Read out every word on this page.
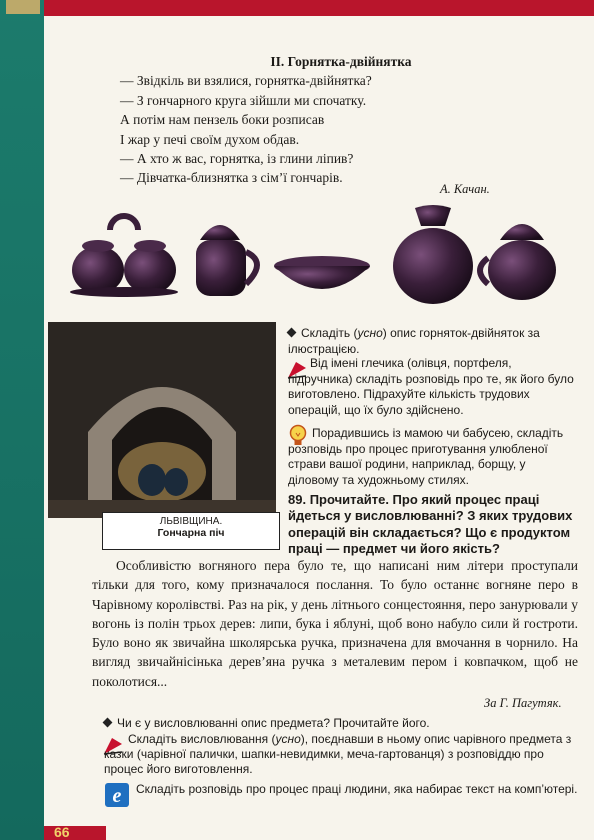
II. Горнятка-двійнятка
— Звідкіль ви взялися, горнятка-двійнятка?
— З гончарного круга зійшли ми спочатку.
А потім нам пензель боки розписав
І жар у печі своїм духом обдав.
— А хто ж вас, горнятка, із глини ліпив?
— Дівчатка-близнятка з сім’ї гончарів.
А. Качан.
ЛЬВІВЩИНА.
Гончарна піч
Складіть (усно) опис горняток-двійняток за ілюстрацією.
Від імені глечика (олівця, портфеля, підручника) складіть розповідь про те, як його було виготовлено. Підрахуйте кількість трудових операцій, що їх було здійснено.
Порадившись із мамою чи бабусею, складіть розповідь про процес приготування улюбленої страви вашої родини, наприклад, борщу, у діловому та художньому стилях.
89. Прочитайте. Про який процес праці йдеться у висловлюванні? З яких трудових операцій він складається? Що є продуктом праці — предмет чи його якість?
Особливістю вогняного пера було те, що написані ним літери проступали тільки для того, кому призначалося послання. То було останнє вогняне перо в Чарівному королівстві. Раз на рік, у день літнього сонцестояння, перо занурювали у вогонь із полін трьох дерев: липи, бука і яблуні, щоб воно набуло сили й гостроти. Було воно як звичайна школярська ручка, призначена для вмочання в чорнило. На вигляд звичайнісінька дерев’яна ручка з металевим пером і ковпачком, щоб не поколотися...
За Г. Пагутяк.
Чи є у висловлюванні опис предмета? Прочитайте його.
Складіть висловлювання (усно), поєднавши в ньому опис чарівного предмета з казки (чарівної палички, шапки-невидимки, меча-гартованця) з розповіддю про процес його виготовлення.
e Складіть розповідь про процес праці людини, яка набирає текст на комп’ютері.
66
